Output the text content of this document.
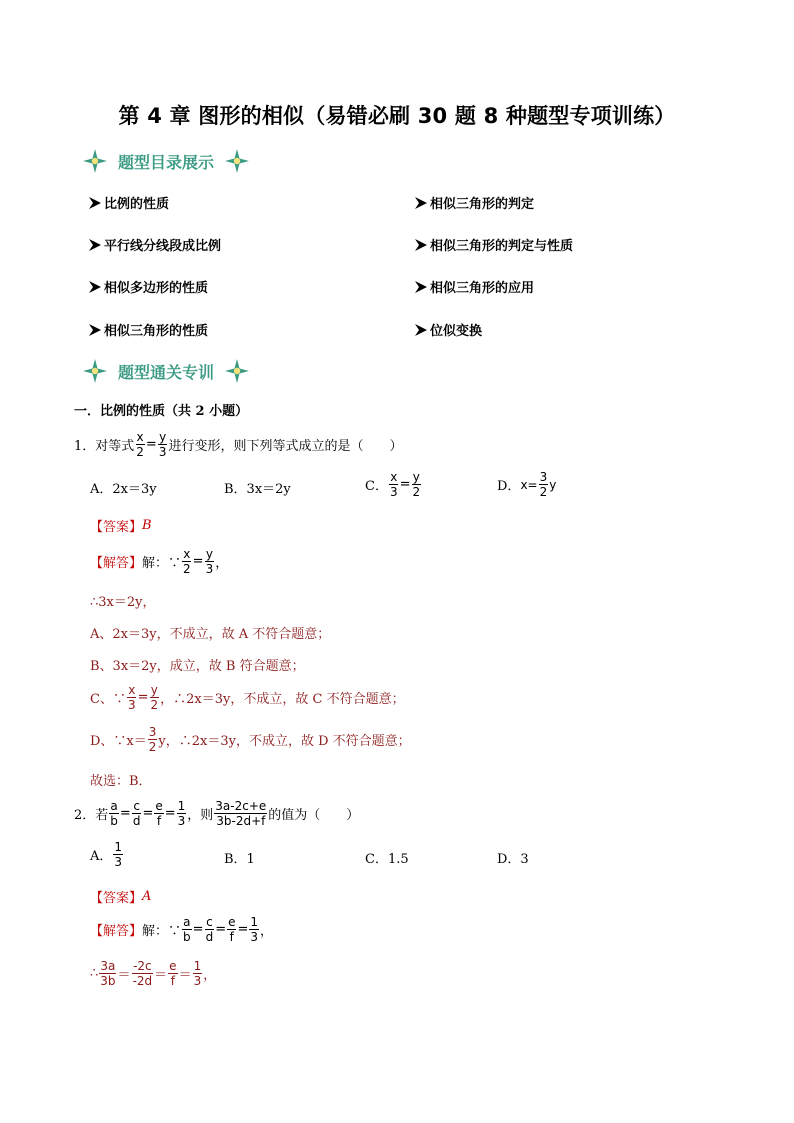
第 4 章 图形的相似（易错必刷 30 题 8 种题型专项训练）
题型目录展示
比例的性质	相似三角形的判定
平行线分线段成比例	相似三角形的判定与性质
相似多边形的性质	相似三角形的应用
相似三角形的性质	位似变换
题型通关专训
一．比例的性质（共 2 小题）
1．对等式 $\frac{x}{2} = \frac{y}{3}$ 进行变形，则下列等式成立的是（　　）
A．2x＝3y	B．3x＝2y	C． $\frac{x}{3} = \frac{y}{2}$	D． $x= \frac{3}{2}$ y
【答案】 B
【解答】 解：∵ $\frac{x}{2} = \frac{y}{3}$ ，
∴3x＝2y，
A、2x＝3y，不成立，故 A 不符合题意；
B、3x＝2y，成立，故 B 符合题意；
C、∵ $\frac{x}{3} = \frac{y}{2}$ ，∴2x＝3y，不成立，故 C 不符合题意；
D、∵x＝ $\frac{3}{2}$ y，∴2x＝3y，不成立，故 D 不符合题意；
故选：B．
2．若 $\frac{a}{b} = \frac{c}{d} = \frac{e}{f} = \frac{1}{3}$ ，则 $\frac{3a-2c+e}{3b-2d+f}$ 的值为（　　）
A． $\frac{1}{3}$	B．1	C．1.5	D．3
【答案】 A
【解答】 解：∵ $\frac{a}{b} = \frac{c}{d} = \frac{e}{f} = \frac{1}{3}$ ，
∴ $\frac{3a}{3b} = \frac{-2c}{-2d} = \frac{e}{f} = \frac{1}{3}$ ，
